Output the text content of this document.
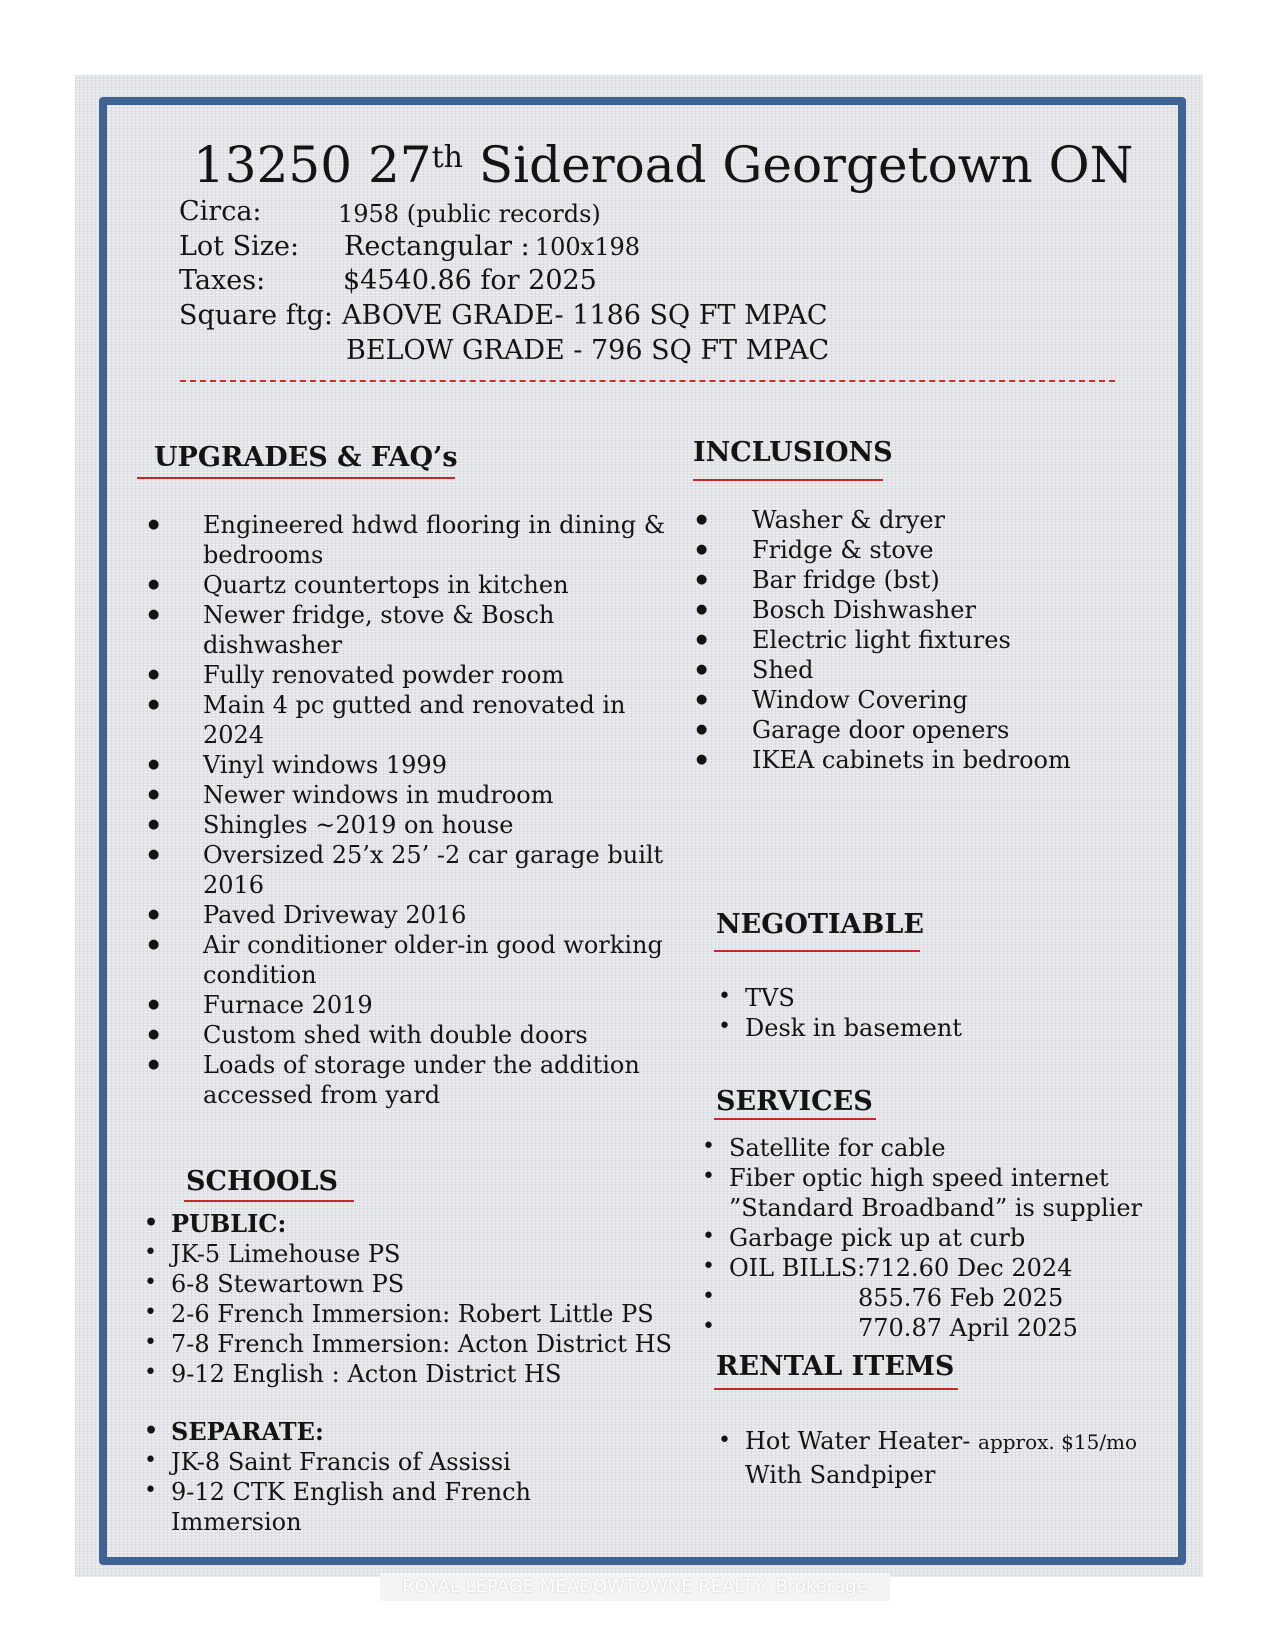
13250 27th Sideroad Georgetown ON
Circa:	1958 (public records)
Lot Size: Rectangular : 100x198
Taxes:	$4540.86 for 2025
Square ftg: ABOVE GRADE- 1186 SQ FT MPAC
BELOW GRADE - 796 SQ FT MPAC
UPGRADES & FAQ’s
● Engineered hdwd flooring in dining & bedrooms
● Quartz countertops in kitchen
● Newer fridge, stove & Bosch dishwasher
● Fully renovated powder room
● Main 4 pc gutted and renovated in 2024
● Vinyl windows 1999
● Newer windows in mudroom
● Shingles ~2019 on house
● Oversized 25’x 25’ -2 car garage built 2016
● Paved Driveway 2016
● Air conditioner older-in good working condition
● Furnace 2019
● Custom shed with double doors
● Loads of storage under the addition accessed from yard
INCLUSIONS
● Washer & dryer
● Fridge & stove
● Bar fridge (bst)
● Bosch Dishwasher
● Electric light fixtures
● Shed
● Window Covering
● Garage door openers
● IKEA cabinets in bedroom
NEGOTIABLE
• TVS
• Desk in basement
SERVICES
• Satellite for cable
• Fiber optic high speed internet ”Standard Broadband” is supplier
• Garbage pick up at curb
• OIL BILLS:712.60 Dec 2024
• 855.76 Feb 2025
• 770.87 April 2025
RENTAL ITEMS
• Hot Water Heater- approx. $15/mo
With Sandpiper
SCHOOLS
• PUBLIC:
• JK-5 Limehouse PS
• 6-8 Stewartown PS
• 2-6 French Immersion: Robert Little PS
• 7-8 French Immersion: Acton District HS
• 9-12 English : Acton District HS
• SEPARATE:
• JK-8 Saint Francis of Assissi
• 9-12 CTK English and French Immersion
ROYAL LEPAGE MEADOWTOWNE REALTY, Brokerage
